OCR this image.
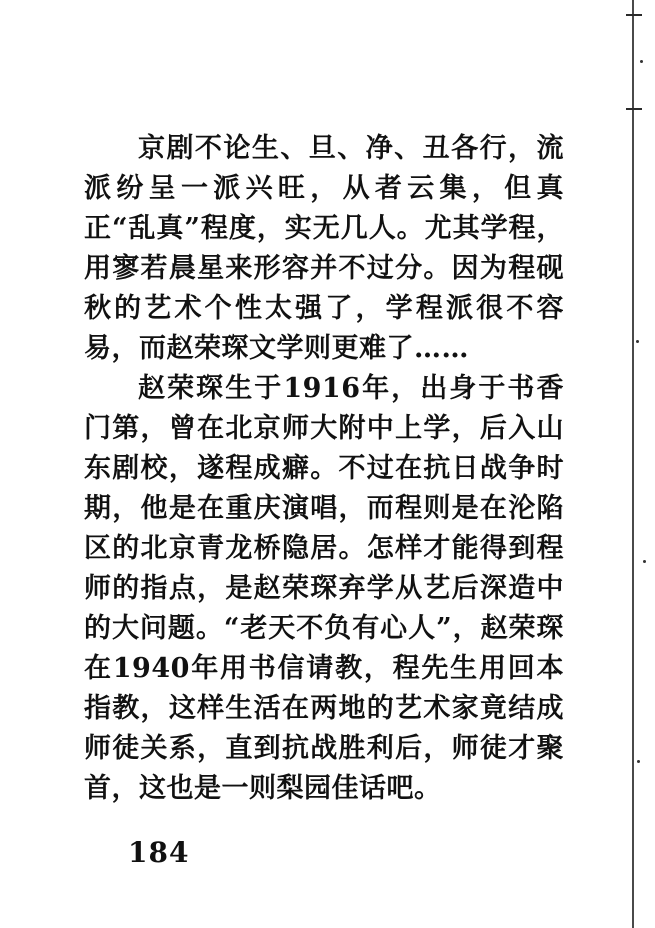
京剧不论生、旦、净、丑各行，流派纷呈一派兴旺，从者云集，但真正“乱真”程度，实无几人。尤其学程，用寥若晨星来形容并不过分。因为程砚秋的艺术个性太强了，学程派很不容易，而赵荣琛文学则更难了……

赵荣琛生于1916年，出身于书香门第，曾在北京师大附中上学，后入山东剧校，遂程成癖。不过在抗日战争时期，他是在重庆演唱，而程则是在沦陷区的北京青龙桥隐居。怎样才能得到程师的指点，是赵荣琛弃学从艺后深造中的大问题。“老天不负有心人”，赵荣琛在1940年用书信请教，程先生用回本指教，这样生活在两地的艺术家竟结成师徒关系，直到抗战胜利后，师徒才聚首，这也是一则梨园佳话吧。

184
